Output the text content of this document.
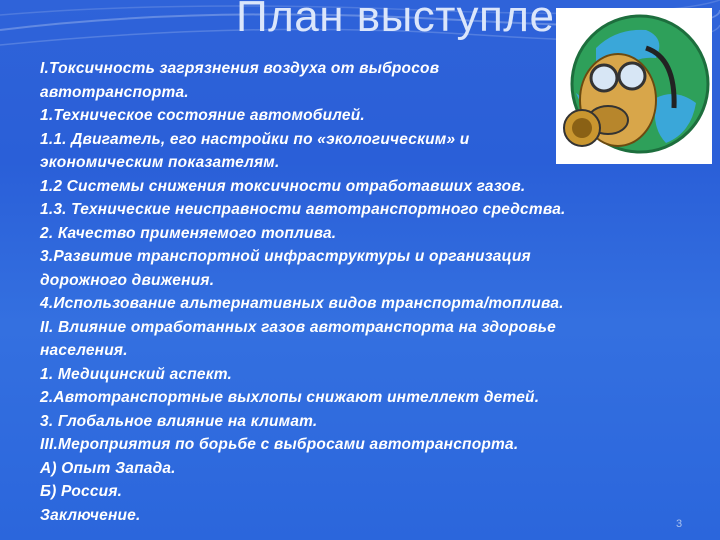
План выступле
I.Токсичность загрязнения воздуха от выбросов
автотранспорта.
1.Техническое состояние автомобилей.
1.1. Двигатель, его настройки по «экологическим» и
экономическим показателям.
1.2 Системы снижения токсичности отработавших газов.
1.3. Технические неисправности автотранспортного средства.
2. Качество применяемого топлива.
3.Развитие транспортной инфраструктуры и организация
дорожного движения.
4.Использование альтернативных видов транспорта/топлива.
II. Влияние отработанных газов автотранспорта на здоровье
населения.
1. Медицинский аспект.
2.Автотранспортные выхлопы снижают интеллект детей.
3. Глобальное влияние на климат.
III.Мероприятия по борьбе с выбросами автотранспорта.
А) Опыт Запада.
Б) Россия.
Заключение.
3
